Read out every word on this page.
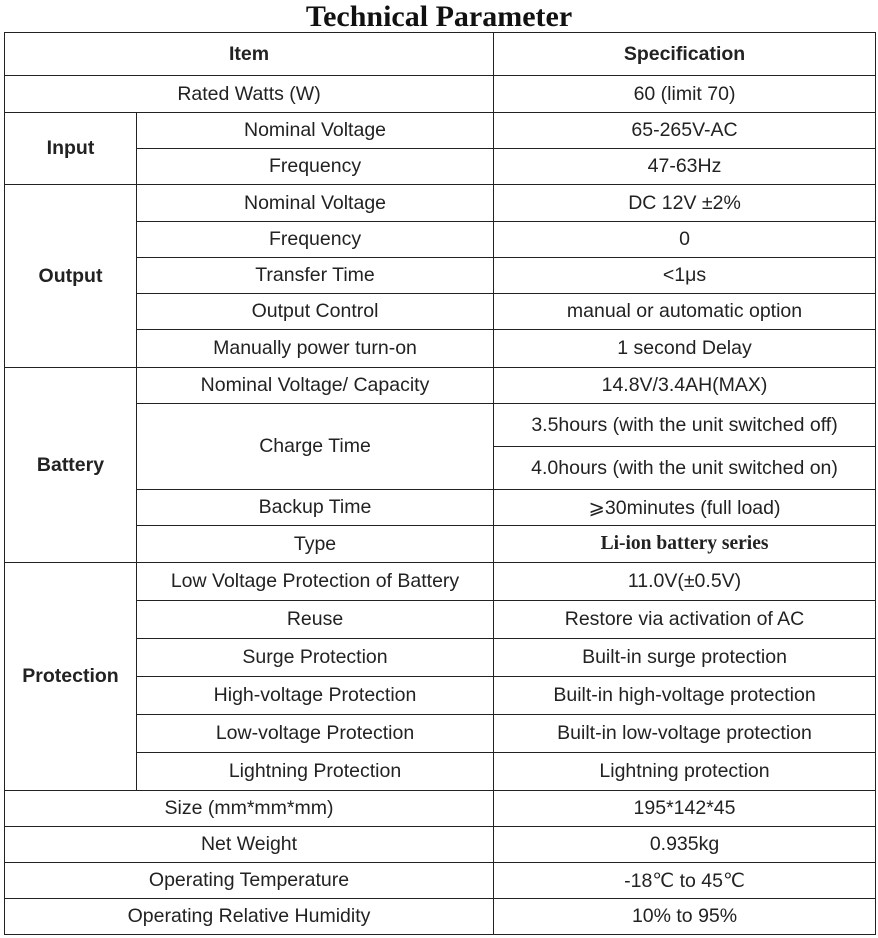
Technical Parameter
Item		Specification
Rated Watts (W)		60 (limit 70)
Input	Nominal Voltage	65-265V-AC
	Frequency	47-63Hz
Output	Nominal Voltage	DC 12V ±2%
	Frequency	0
	Transfer Time	<1μs
	Output Control	manual or automatic option
	Manually power turn-on	1 second Delay
Battery	Nominal Voltage/ Capacity	14.8V/3.4AH(MAX)
	Charge Time	3.5hours (with the unit switched off)
		4.0hours (with the unit switched on)
	Backup Time	⩾30minutes (full load)
	Type	Li-ion battery series
Protection	Low Voltage Protection of Battery	11.0V(±0.5V)
	Reuse	Restore via activation of AC
	Surge Protection	Built-in surge protection
	High-voltage Protection	Built-in high-voltage protection
	Low-voltage Protection	Built-in low-voltage protection
	Lightning Protection	Lightning protection
Size (mm*mm*mm)		195*142*45
Net Weight		0.935kg
Operating Temperature		-18℃ to 45℃
Operating Relative Humidity		10% to 95%
